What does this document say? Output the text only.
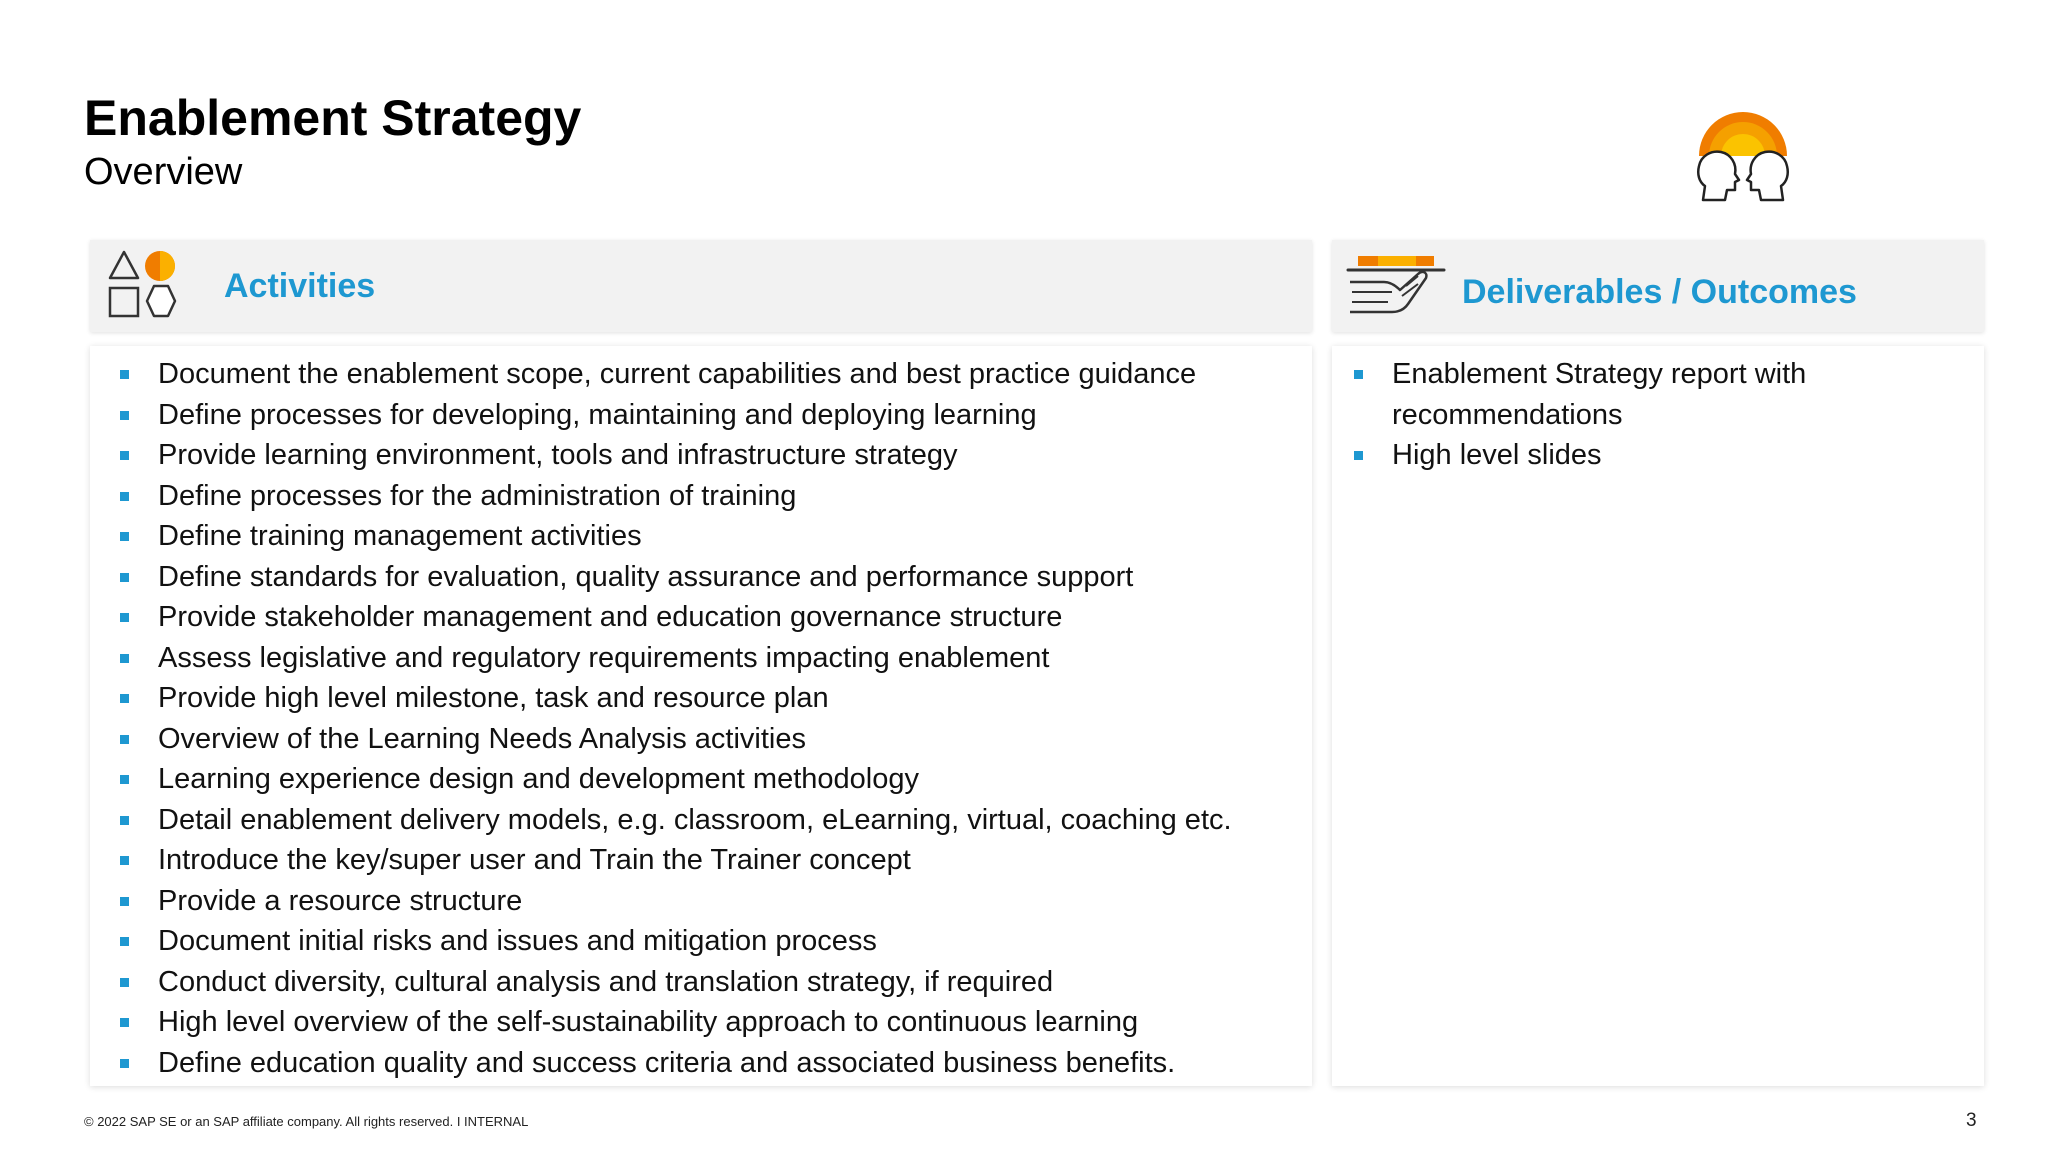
Enablement Strategy
Overview
Activities	Deliverables / Outcomes
Document the enablement scope, current capabilities and best practice guidance
Define processes for developing, maintaining and deploying learning
Provide learning environment, tools and infrastructure strategy
Define processes for the administration of training
Define training management activities
Define standards for evaluation, quality assurance and performance support
Provide stakeholder management and education governance structure
Assess legislative and regulatory requirements impacting enablement
Provide high level milestone, task and resource plan
Overview of the Learning Needs Analysis activities
Learning experience design and development methodology
Detail enablement delivery models, e.g. classroom, eLearning, virtual, coaching etc.
Introduce the key/super user and Train the Trainer concept
Provide a resource structure
Document initial risks and issues and mitigation process
Conduct diversity, cultural analysis and translation strategy, if required
High level overview of the self-sustainability approach to continuous learning
Define education quality and success criteria and associated business benefits.
Enablement Strategy report with recommendations
High level slides
© 2022 SAP SE or an SAP affiliate company. All rights reserved. I INTERNAL	3
